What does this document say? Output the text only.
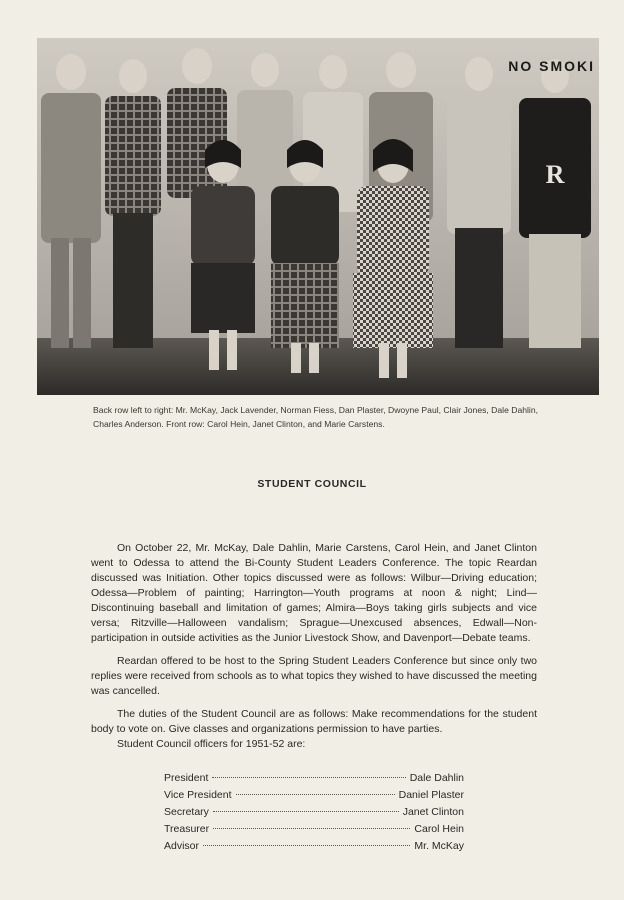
R
NO SMOKI
Back row left to right: Mr. McKay, Jack Lavender, Norman Fiess, Dan Plaster, Dwoyne Paul, Clair Jones, Dale Dahlin, Charles Anderson. Front row: Carol Hein, Janet Clinton, and Marie Carstens.
STUDENT COUNCIL

On October 22, Mr. McKay, Dale Dahlin, Marie Carstens, Carol Hein, and Janet Clinton went to Odessa to attend the Bi-County Student Leaders Conference. The topic Reardan discussed was Initiation. Other topics discussed were as follows: Wilbur—Driving education; Odessa—Problem of painting; Harrington—Youth programs at noon & night; Lind—Discontinuing baseball and limitation of games; Almira—Boys taking girls subjects and vice versa; Ritzville—Halloween vandalism; Sprague—Unexcused absences, Edwall—Non-participation in outside activities as the Junior Livestock Show, and Davenport—Debate teams.

Reardan offered to be host to the Spring Student Leaders Conference but since only two replies were received from schools as to what topics they wished to have discussed the meeting was cancelled.

The duties of the Student Council are as follows: Make recommendations for the student body to vote on. Give classes and organizations permission to have parties.

Student Council officers for 1951-52 are:

President	Dale Dahlin
Vice President	Daniel Plaster
Secretary	Janet Clinton
Treasurer	Carol Hein
Advisor	Mr. McKay
